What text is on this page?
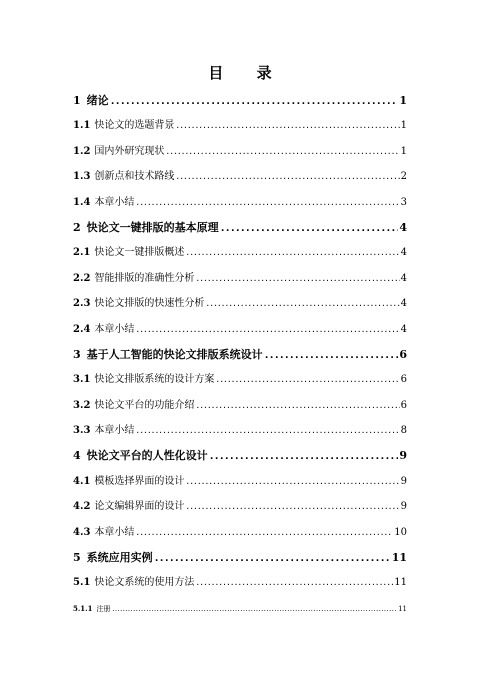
目 录
1 绪论 .....	1
1.1 快论文的选题背景 .....	1
1.2 国内外研究现状 .....	1
1.3 创新点和技术路线 .....	2
1.4 本章小结 .....	3
2 快论文一键排版的基本原理 .....	4
2.1 快论文一键排版概述 .....	4
2.2 智能排版的准确性分析 .....	4
2.3 快论文排版的快速性分析 .....	4
2.4 本章小结 .....	4
3 基于人工智能的快论文排版系统设计 .....	6
3.1 快论文排版系统的设计方案 .....	6
3.2 快论文平台的功能介绍 .....	6
3.3 本章小结 .....	8
4 快论文平台的人性化设计 .....	9
4.1 模板选择界面的设计 .....	9
4.2 论文编辑界面的设计 .....	9
4.3 本章小结 .....	10
5 系统应用实例 .....	11
5.1 快论文系统的使用方法 .....	11
5.1.1 注册 .....	11
